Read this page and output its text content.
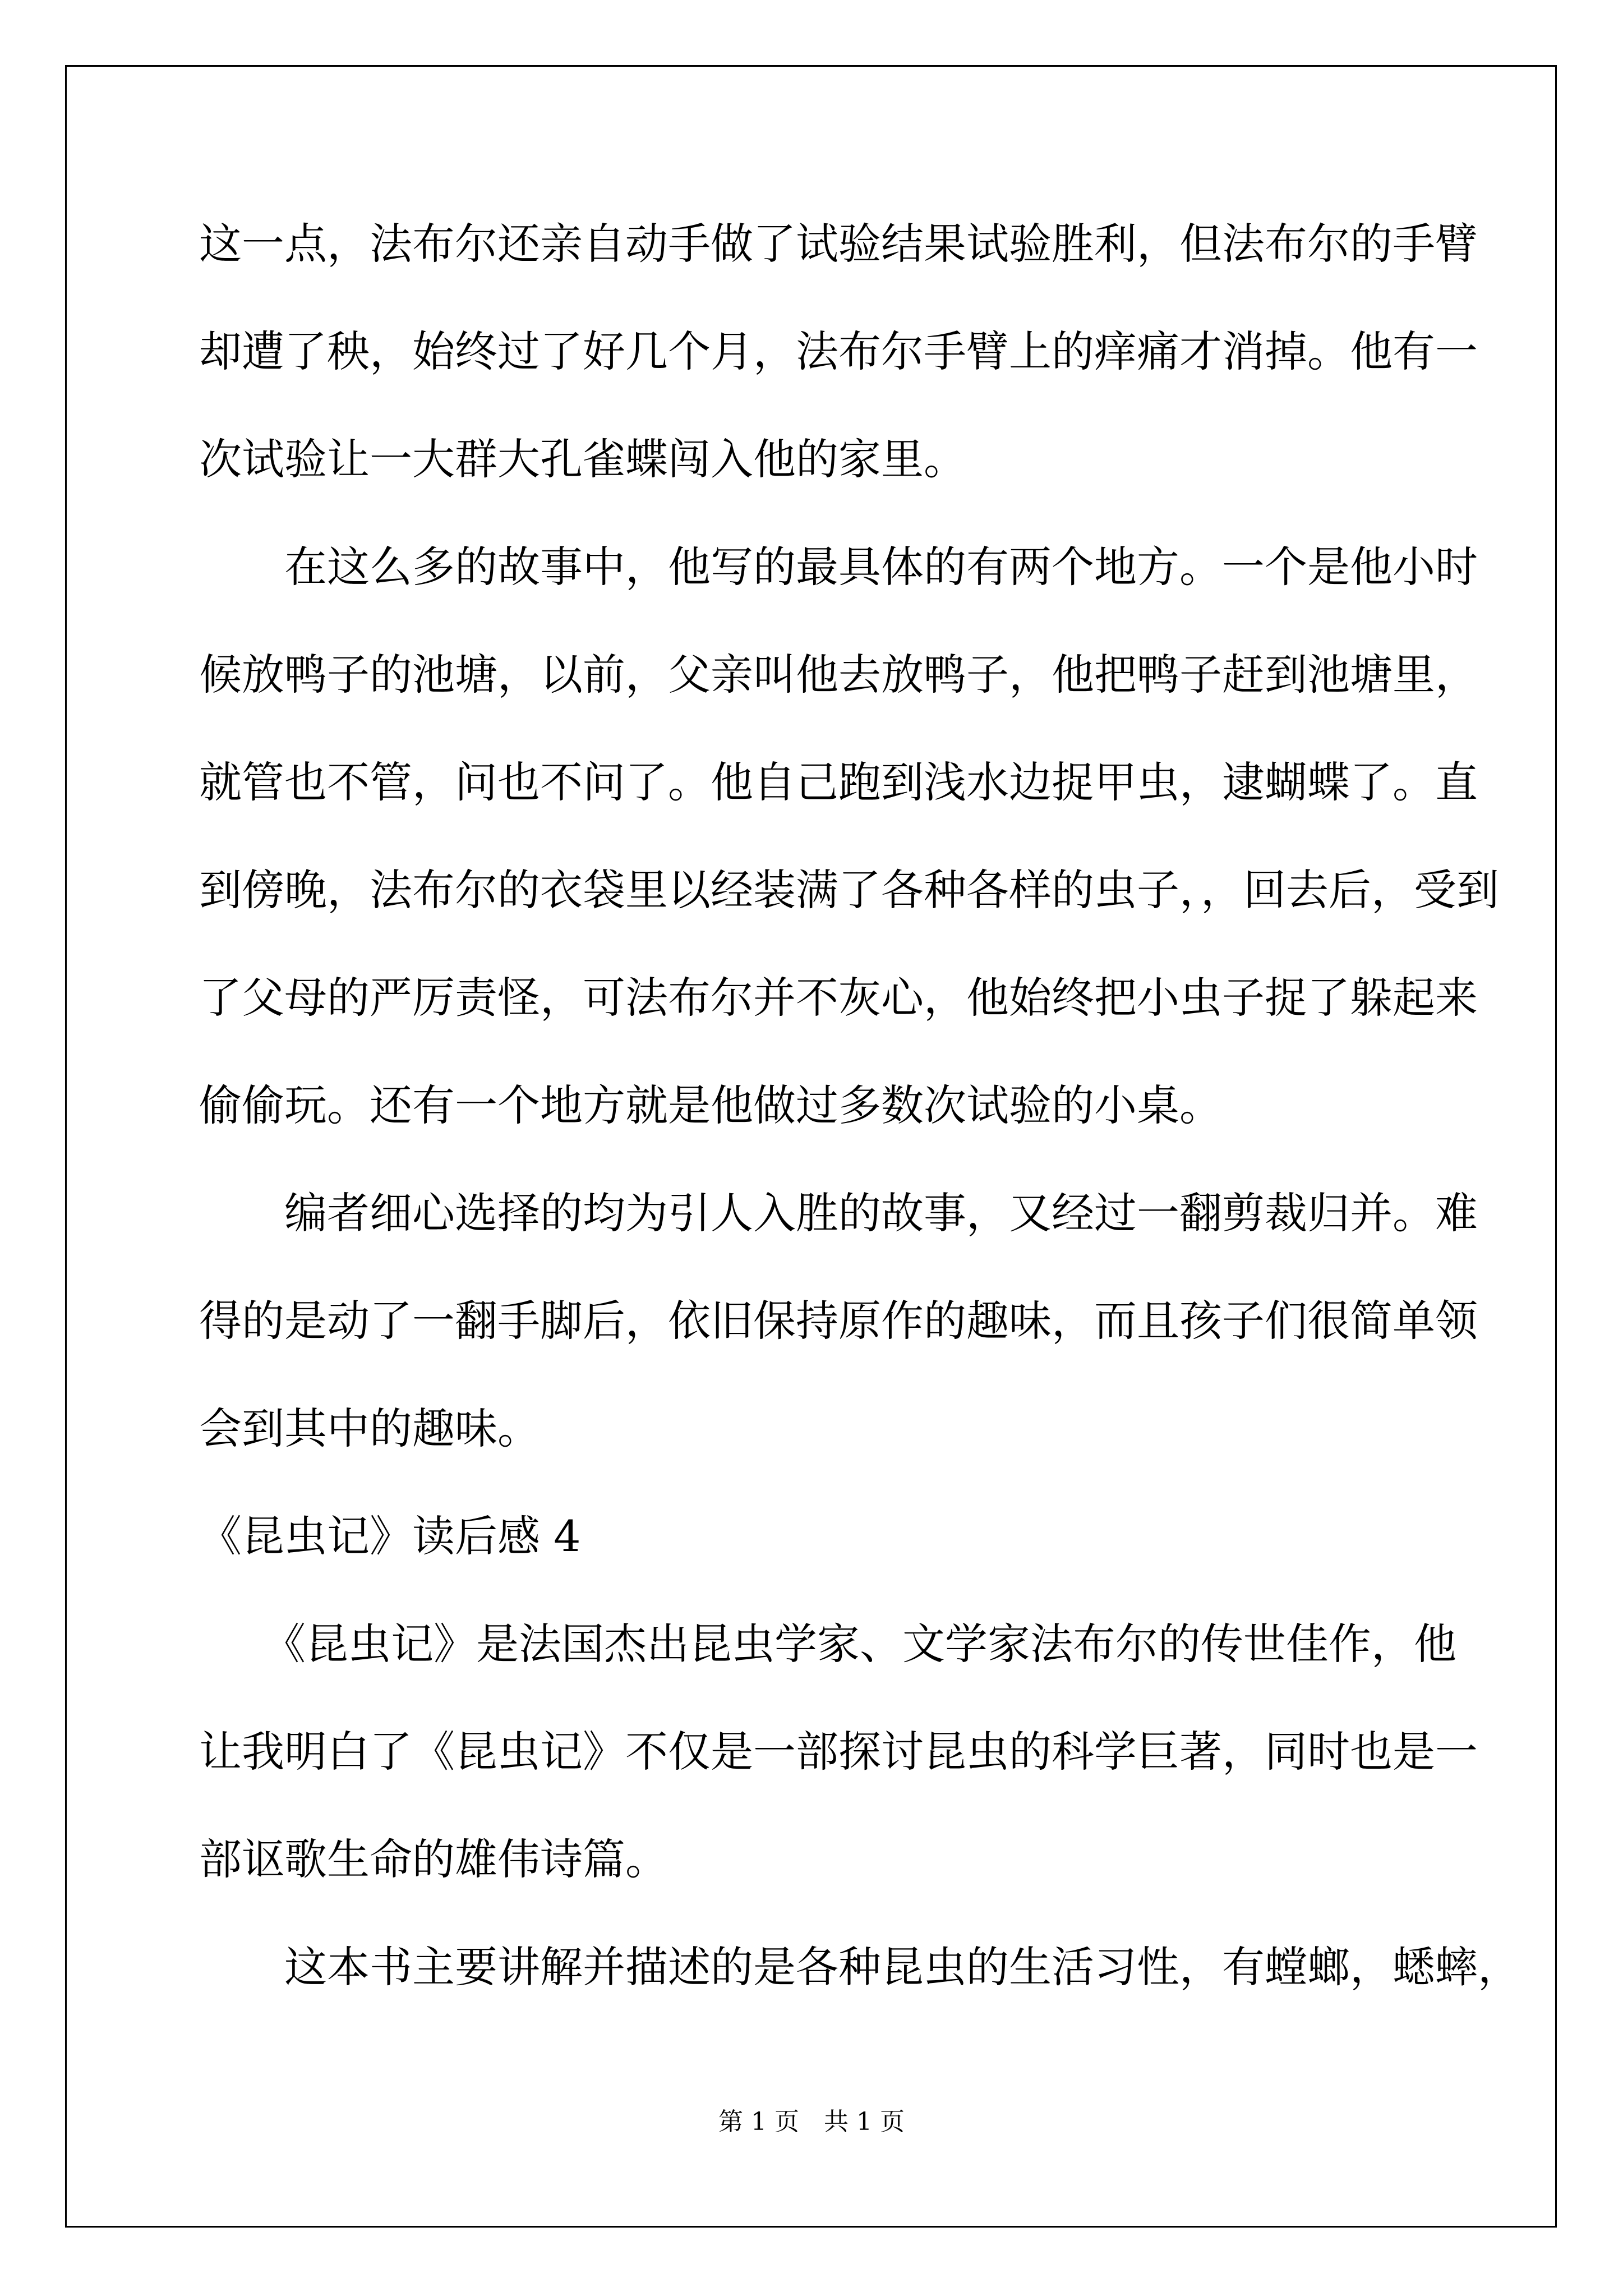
这一点，法布尔还亲自动手做了试验结果试验胜利，但法布尔的手臂
却遭了秧，始终过了好几个月，法布尔手臂上的痒痛才消掉。他有一
次试验让一大群大孔雀蝶闯入他的家里。
　　在这么多的故事中，他写的最具体的有两个地方。一个是他小时
候放鸭子的池塘，以前，父亲叫他去放鸭子，他把鸭子赶到池塘里，
就管也不管，问也不问了。他自己跑到浅水边捉甲虫，逮蝴蝶了。直
到傍晚，法布尔的衣袋里以经装满了各种各样的虫子，，回去后，受到
了父母的严厉责怪，可法布尔并不灰心，他始终把小虫子捉了躲起来
偷偷玩。还有一个地方就是他做过多数次试验的小桌。
　　编者细心选择的均为引人入胜的故事，又经过一翻剪裁归并。难
得的是动了一翻手脚后，依旧保持原作的趣味，而且孩子们很简单领
会到其中的趣味。
《昆虫记》读后感 4
　　《昆虫记》是法国杰出昆虫学家、文学家法布尔的传世佳作，他
让我明白了《昆虫记》不仅是一部探讨昆虫的科学巨著，同时也是一
部讴歌生命的雄伟诗篇。
　　这本书主要讲解并描述的是各种昆虫的生活习性，有螳螂，蟋蟀，
第 1 页　共 1 页
